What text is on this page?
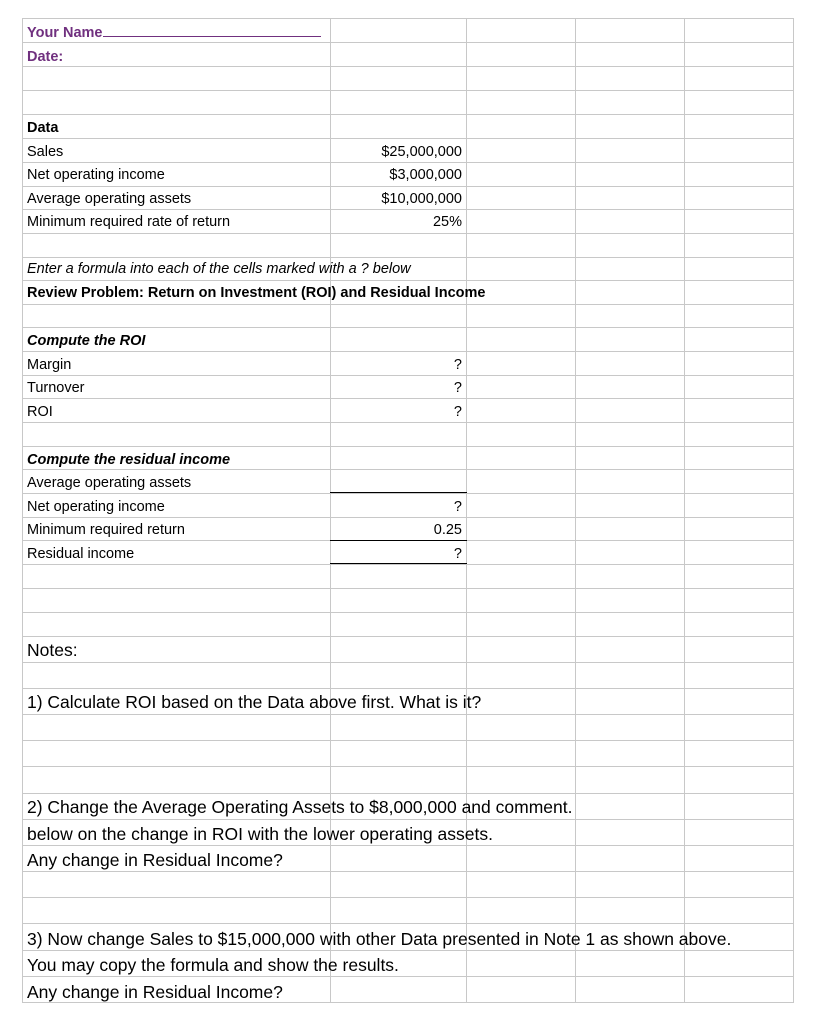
Your Name
Date:
Data
Sales	$25,000,000
Net operating income	$3,000,000
Average operating assets	$10,000,000
Minimum required rate of return	25%
Enter a formula into each of the cells marked with a ? below
Review Problem: Return on Investment (ROI) and Residual Income
Compute the ROI
Margin	?
Turnover	?
ROI	?
Compute the residual income
Average operating assets
Net operating income	?
Minimum required return	0.25
Residual income	?
Notes:
1) Calculate ROI based on the Data above first. What is it?
2) Change the Average Operating Assets to $8,000,000 and comment.
below on the change in ROI with the lower operating assets.
Any change in Residual Income?
3) Now change Sales to $15,000,000 with other Data presented in Note 1 as shown above.
You may copy the formula and show the results.
Any change in Residual Income?
